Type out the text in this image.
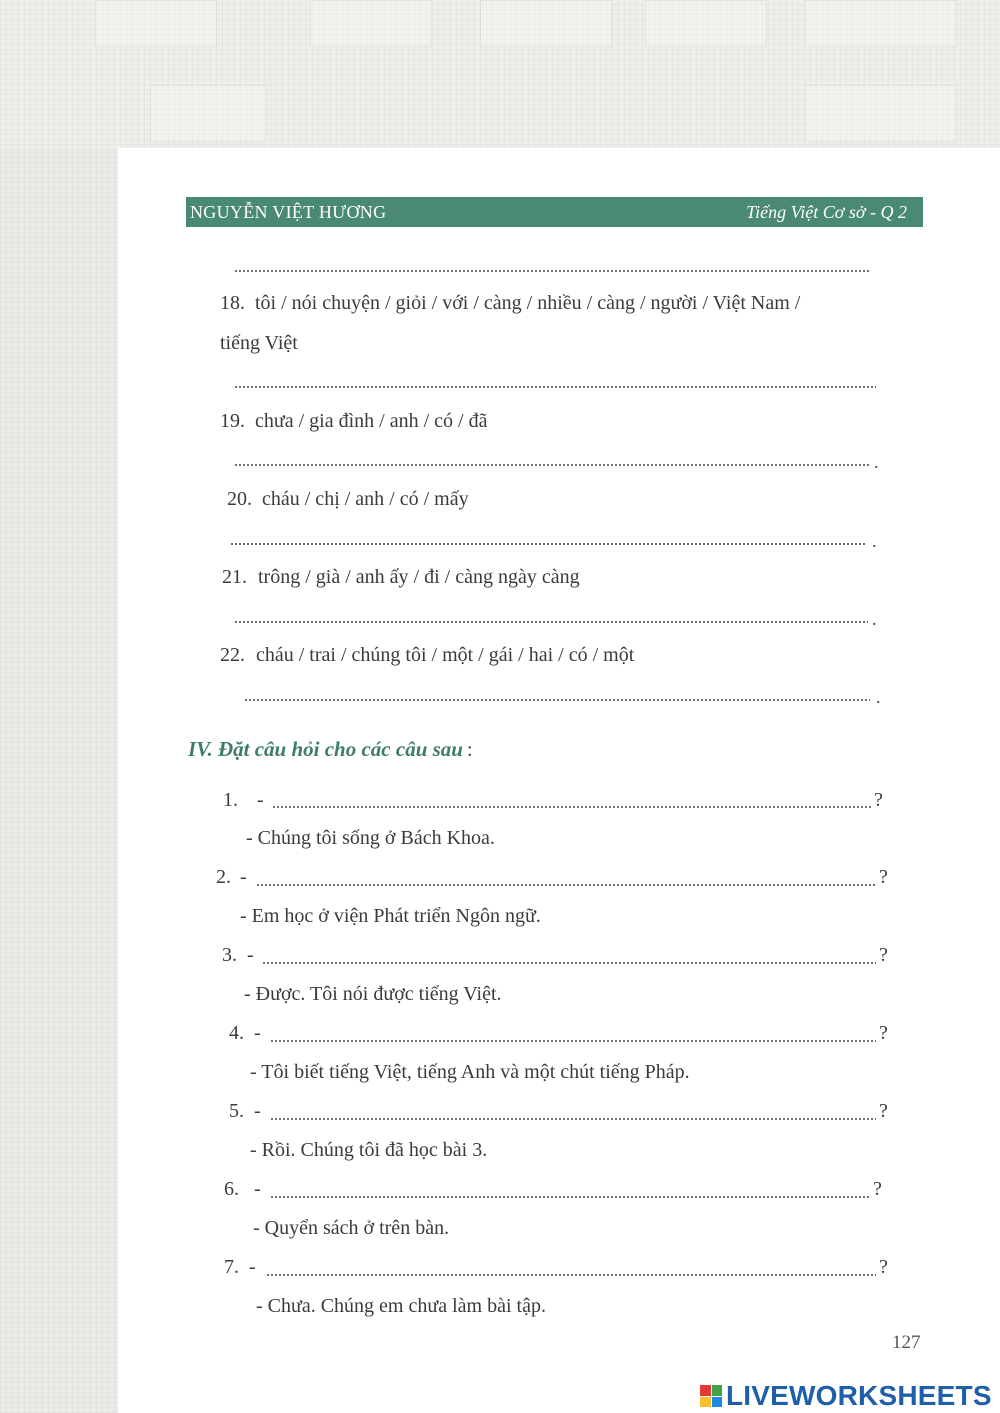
NGUYỄN VIỆT HƯƠNG	Tiếng Việt Cơ sở - Q 2
18. tôi / nói chuyện / giỏi / với / càng / nhiều / càng / người / Việt Nam /
tiếng Việt
19. chưa / gia đình / anh / có / đã
.
20. cháu / chị / anh / có / mấy
.
21. trông / già / anh ấy / đi / càng ngày càng
.
22. cháu / trai / chúng tôi / một / gái / hai / có / một
.
IV. Đặt câu hỏi cho các câu sau :
1. -	?
- Chúng tôi sống ở Bách Khoa.
2. -	?
- Em học ở viện Phát triển Ngôn ngữ.
3. -	?
- Được. Tôi nói được tiếng Việt.
4. -	?
- Tôi biết tiếng Việt, tiếng Anh và một chút tiếng Pháp.
5. -	?
- Rồi. Chúng tôi đã học bài 3.
6. -	?
- Quyển sách ở trên bàn.
7. -	?
- Chưa. Chúng em chưa làm bài tập.
127
LIVEWORKSHEETS
